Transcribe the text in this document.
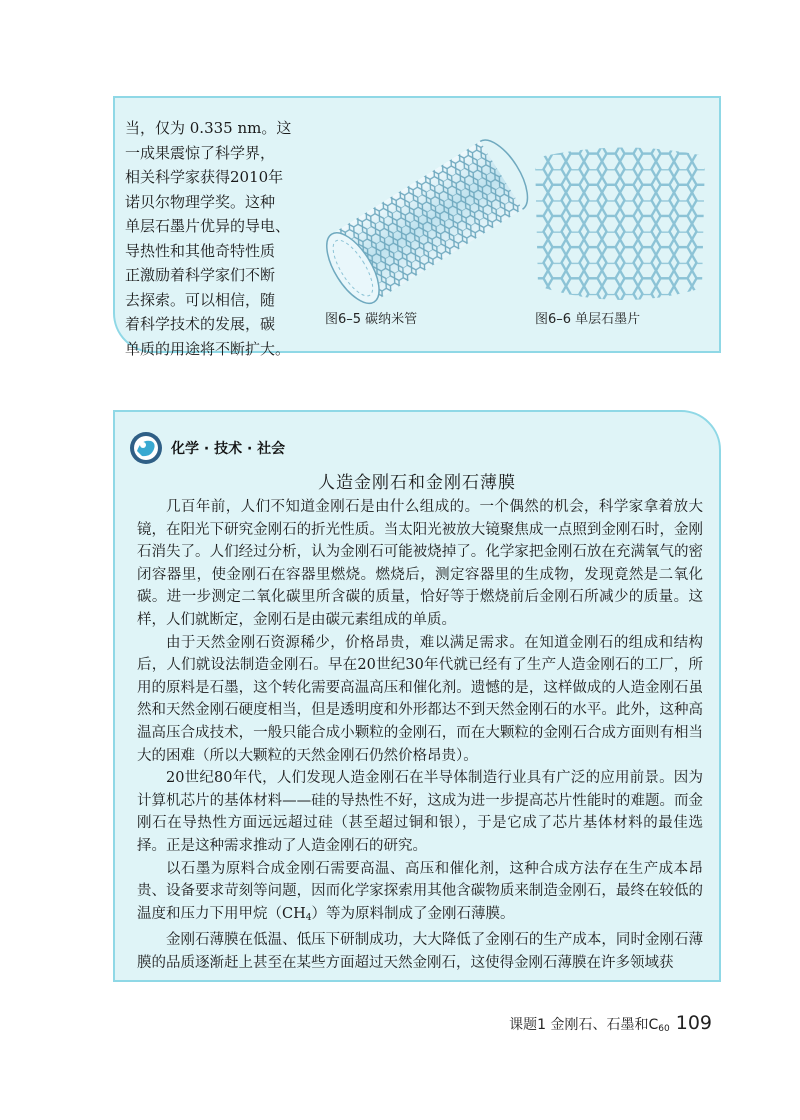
当，仅为 0.335 nm。这
一成果震惊了科学界，
相关科学家获得2010年
诺贝尔物理学奖。这种
单层石墨片优异的导电、
导热性和其他奇特性质
正激励着科学家们不断
去探索。可以相信，随
着科学技术的发展，碳
单质的用途将不断扩大。
图6–5 碳纳米管	图6–6 单层石墨片
化学 · 技术 · 社会
人造金刚石和金刚石薄膜

几百年前，人们不知道金刚石是由什么组成的。一个偶然的机会，科学家拿着放大镜，在阳光下研究金刚石的折光性质。当太阳光被放大镜聚焦成一点照到金刚石时，金刚石消失了。人们经过分析，认为金刚石可能被烧掉了。化学家把金刚石放在充满氧气的密闭容器里，使金刚石在容器里燃烧。燃烧后，测定容器里的生成物，发现竟然是二氧化碳。进一步测定二氧化碳里所含碳的质量，恰好等于燃烧前后金刚石所减少的质量。这样，人们就断定，金刚石是由碳元素组成的单质。

由于天然金刚石资源稀少，价格昂贵，难以满足需求。在知道金刚石的组成和结构后，人们就设法制造金刚石。早在20世纪30年代就已经有了生产人造金刚石的工厂，所用的原料是石墨，这个转化需要高温高压和催化剂。遗憾的是，这样做成的人造金刚石虽然和天然金刚石硬度相当，但是透明度和外形都达不到天然金刚石的水平。此外，这种高温高压合成技术，一般只能合成小颗粒的金刚石，而在大颗粒的金刚石合成方面则有相当大的困难（所以大颗粒的天然金刚石仍然价格昂贵）。

20世纪80年代，人们发现人造金刚石在半导体制造行业具有广泛的应用前景。因为计算机芯片的基体材料——硅的导热性不好，这成为进一步提高芯片性能时的难题。而金刚石在导热性方面远远超过硅（甚至超过铜和银），于是它成了芯片基体材料的最佳选择。正是这种需求推动了人造金刚石的研究。

以石墨为原料合成金刚石需要高温、高压和催化剂，这种合成方法存在生产成本昂贵、设备要求苛刻等问题，因而化学家探索用其他含碳物质来制造金刚石，最终在较低的温度和压力下用甲烷$(CH_4)$等为原料制成了金刚石薄膜。

金刚石薄膜在低温、低压下研制成功，大大降低了金刚石的生产成本，同时金刚石薄膜的品质逐渐赶上甚至在某些方面超过天然金刚石，这使得金刚石薄膜在许多领域获

课题1 金刚石、石墨和$C_{60}$ 109
